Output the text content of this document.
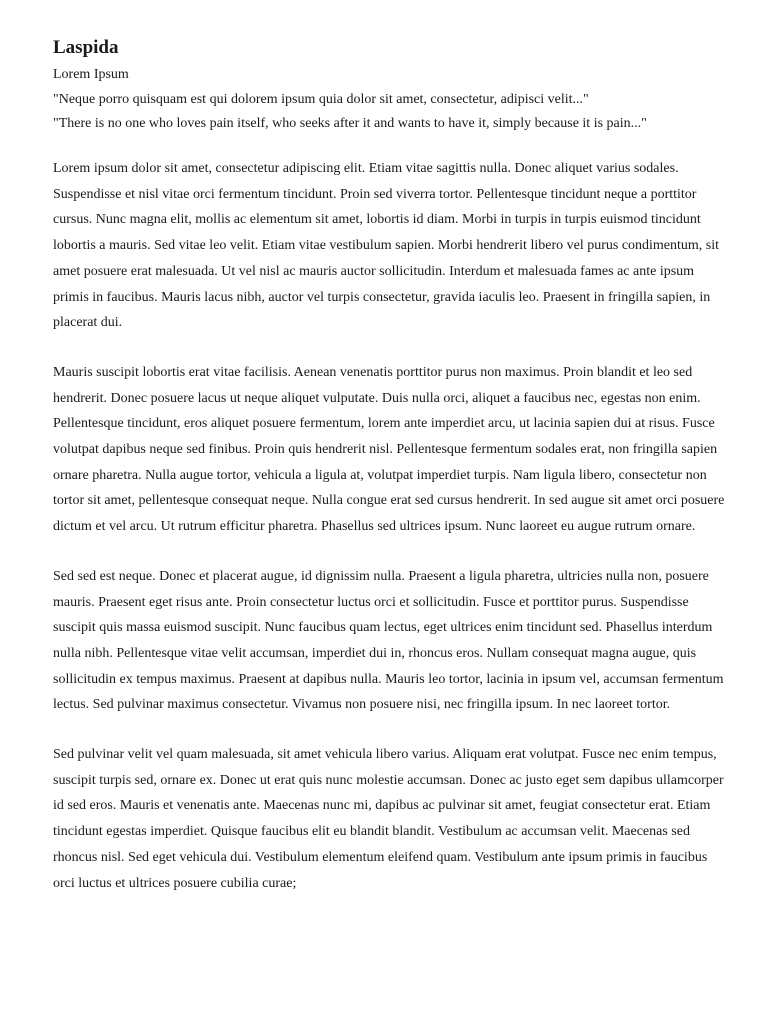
Laspida
Lorem Ipsum
"Neque porro quisquam est qui dolorem ipsum quia dolor sit amet, consectetur, adipisci velit..."
"There is no one who loves pain itself, who seeks after it and wants to have it, simply because it is pain..."

Lorem ipsum dolor sit amet, consectetur adipiscing elit. Etiam vitae sagittis nulla. Donec aliquet varius sodales. Suspendisse et nisl vitae orci fermentum tincidunt. Proin sed viverra tortor. Pellentesque tincidunt neque a porttitor cursus. Nunc magna elit, mollis ac elementum sit amet, lobortis id diam. Morbi in turpis in turpis euismod tincidunt lobortis a mauris. Sed vitae leo velit. Etiam vitae vestibulum sapien. Morbi hendrerit libero vel purus condimentum, sit amet posuere erat malesuada. Ut vel nisl ac mauris auctor sollicitudin. Interdum et malesuada fames ac ante ipsum primis in faucibus. Mauris lacus nibh, auctor vel turpis consectetur, gravida iaculis leo. Praesent in fringilla sapien, in placerat dui.

Mauris suscipit lobortis erat vitae facilisis. Aenean venenatis porttitor purus non maximus. Proin blandit et leo sed hendrerit. Donec posuere lacus ut neque aliquet vulputate. Duis nulla orci, aliquet a faucibus nec, egestas non enim. Pellentesque tincidunt, eros aliquet posuere fermentum, lorem ante imperdiet arcu, ut lacinia sapien dui at risus. Fusce volutpat dapibus neque sed finibus. Proin quis hendrerit nisl. Pellentesque fermentum sodales erat, non fringilla sapien ornare pharetra. Nulla augue tortor, vehicula a ligula at, volutpat imperdiet turpis. Nam ligula libero, consectetur non tortor sit amet, pellentesque consequat neque. Nulla congue erat sed cursus hendrerit. In sed augue sit amet orci posuere dictum et vel arcu. Ut rutrum efficitur pharetra. Phasellus sed ultrices ipsum. Nunc laoreet eu augue rutrum ornare.

Sed sed est neque. Donec et placerat augue, id dignissim nulla. Praesent a ligula pharetra, ultricies nulla non, posuere mauris. Praesent eget risus ante. Proin consectetur luctus orci et sollicitudin. Fusce et porttitor purus. Suspendisse suscipit quis massa euismod suscipit. Nunc faucibus quam lectus, eget ultrices enim tincidunt sed. Phasellus interdum nulla nibh. Pellentesque vitae velit accumsan, imperdiet dui in, rhoncus eros. Nullam consequat magna augue, quis sollicitudin ex tempus maximus. Praesent at dapibus nulla. Mauris leo tortor, lacinia in ipsum vel, accumsan fermentum lectus. Sed pulvinar maximus consectetur. Vivamus non posuere nisi, nec fringilla ipsum. In nec laoreet tortor.

Sed pulvinar velit vel quam malesuada, sit amet vehicula libero varius. Aliquam erat volutpat. Fusce nec enim tempus, suscipit turpis sed, ornare ex. Donec ut erat quis nunc molestie accumsan. Donec ac justo eget sem dapibus ullamcorper id sed eros. Mauris et venenatis ante. Maecenas nunc mi, dapibus ac pulvinar sit amet, feugiat consectetur erat. Etiam tincidunt egestas imperdiet. Quisque faucibus elit eu blandit blandit. Vestibulum ac accumsan velit. Maecenas sed rhoncus nisl. Sed eget vehicula dui. Vestibulum elementum eleifend quam. Vestibulum ante ipsum primis in faucibus orci luctus et ultrices posuere cubilia curae;
